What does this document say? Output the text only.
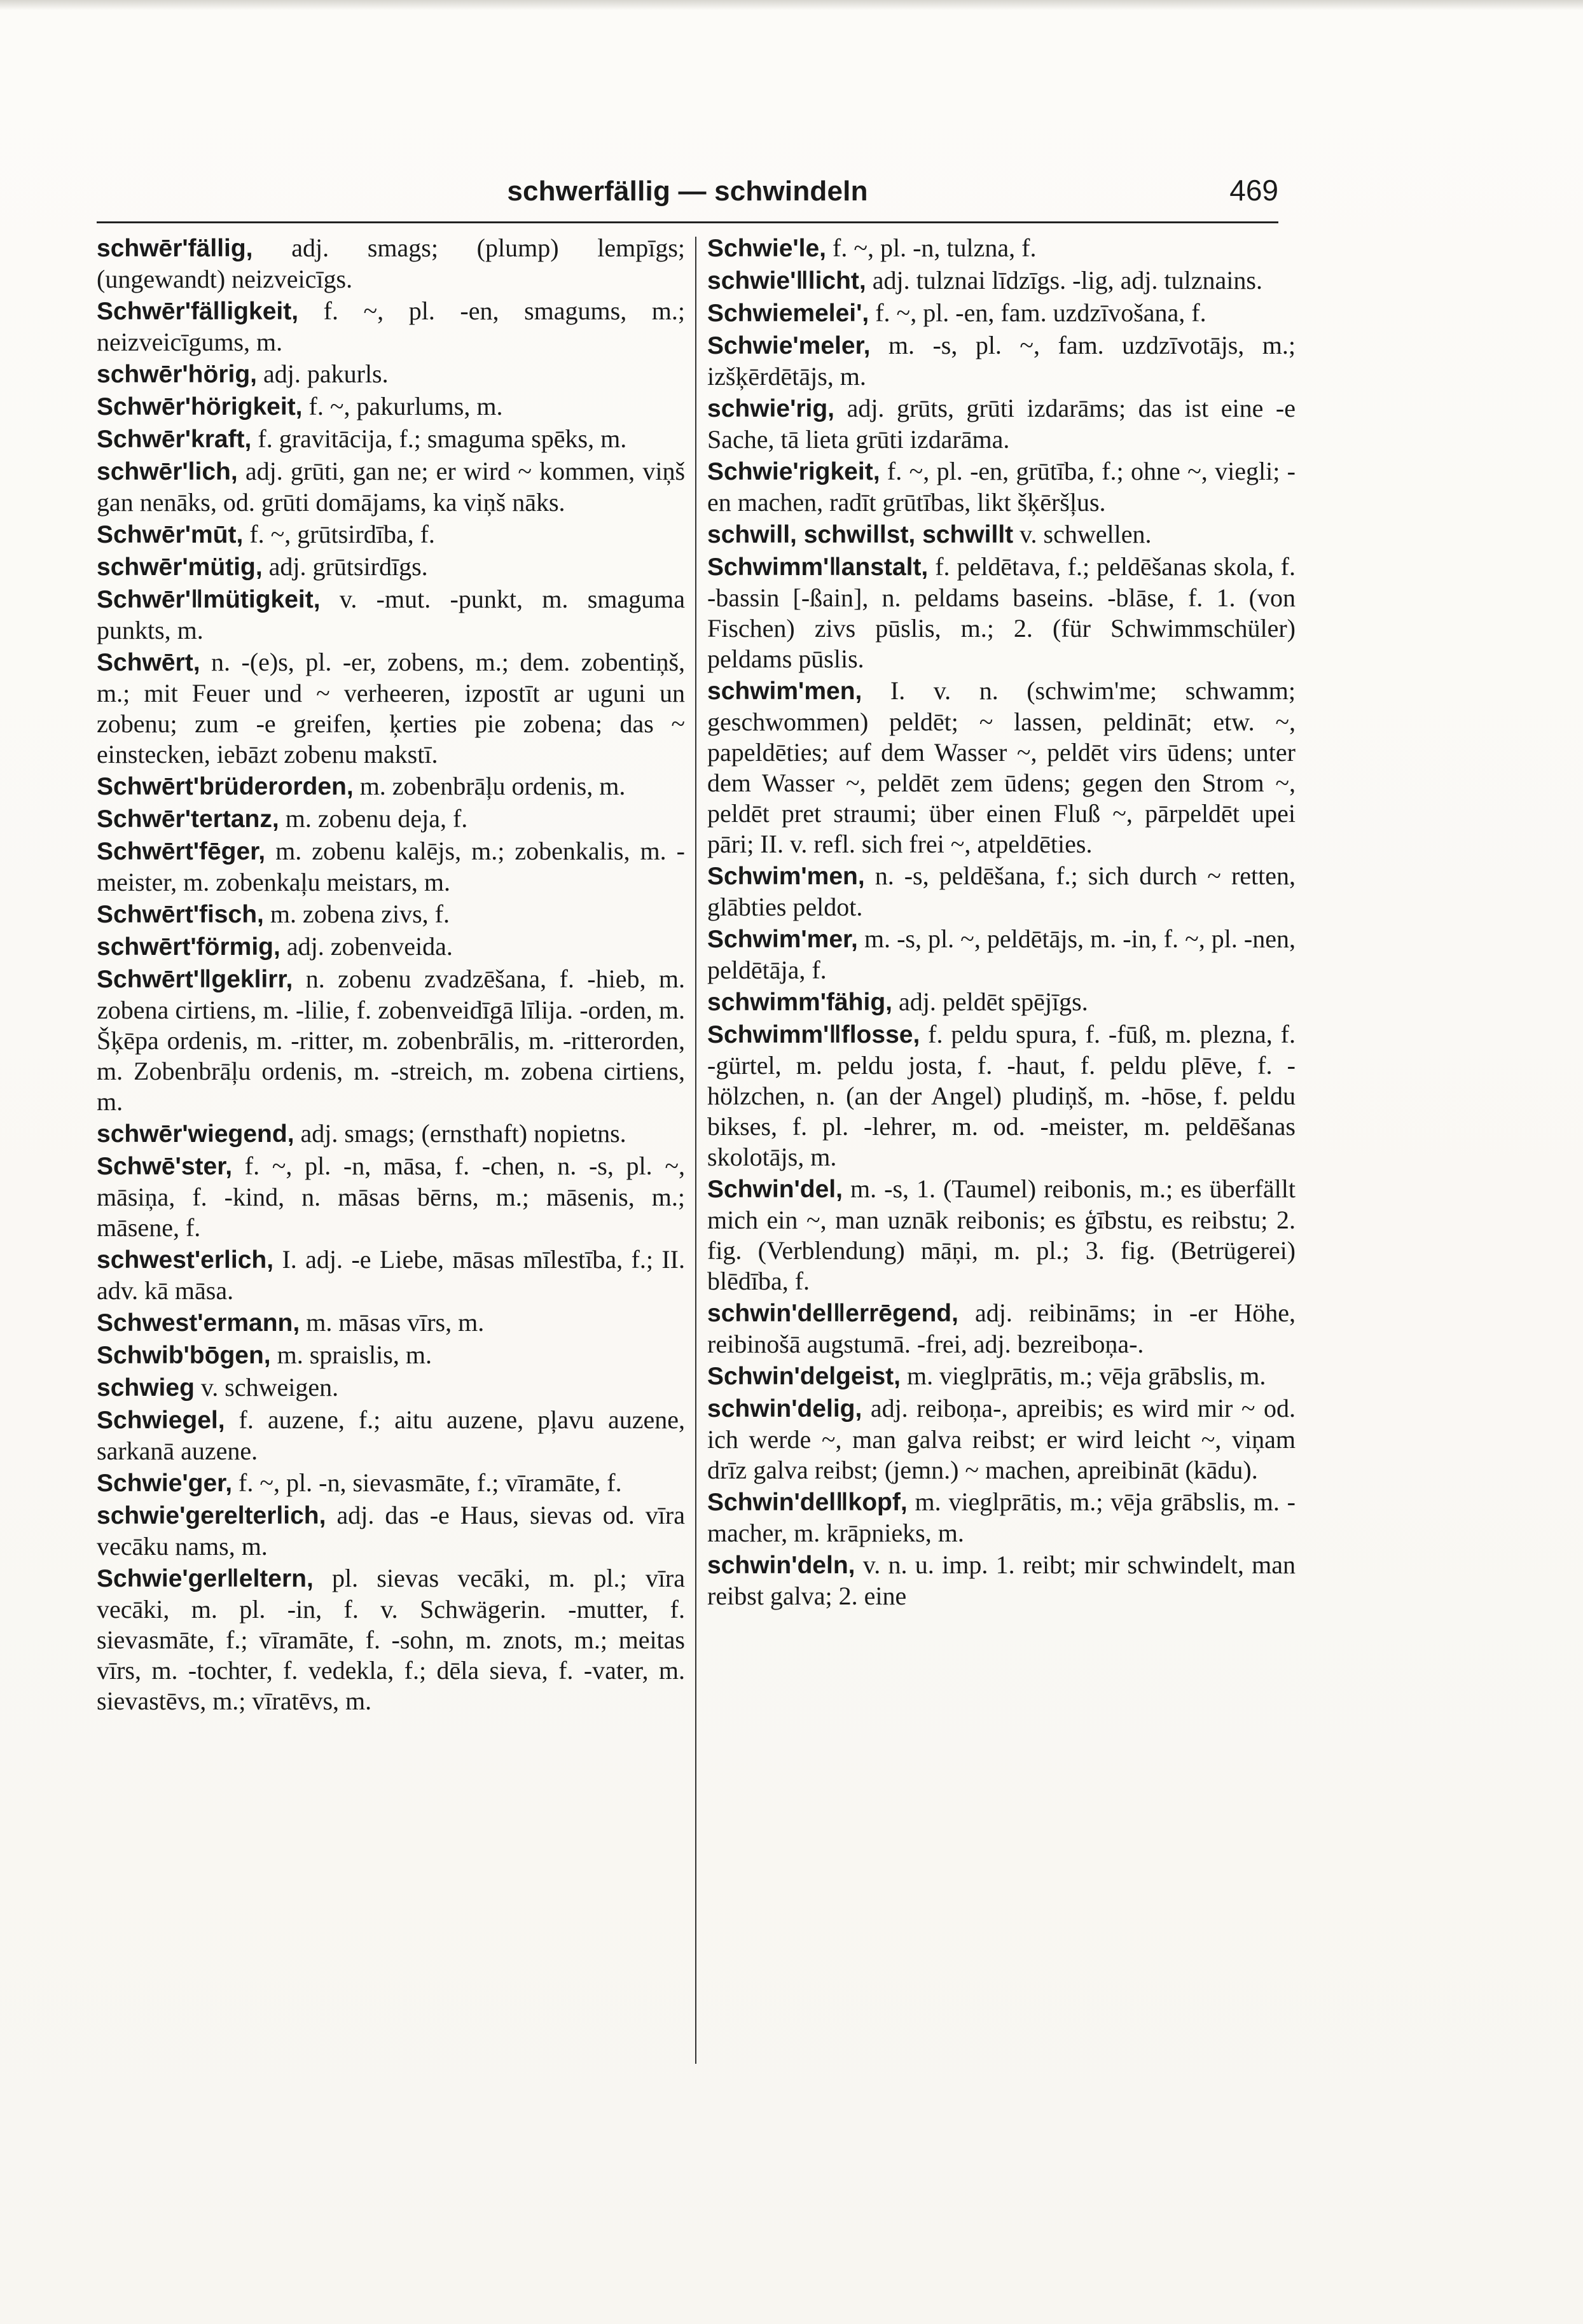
schwerfällig — schwindeln	469
schwēr'fällig, adj. smags; (plump) lempīgs; (ungewandt) neizveicīgs.
Schwēr'fälligkeit, f. ~, pl. -en, smagums, m.; neizveicīgums, m.
schwēr'hörig, adj. pakurls.
Schwēr'hörigkeit, f. ~, pakurlums, m.
Schwēr'kraft, f. gravitācija, f.; smaguma spēks, m.
schwēr'lich, adj. grūti, gan ne; er wird ~ kommen, viņš gan nenāks, od. grūti domājams, ka viņš nāks.
Schwēr'mūt, f. ~, grūtsirdība, f.
schwēr'mütig, adj. grūtsirdīgs.
Schwēr'‖mütigkeit, v. -mut. -punkt, m. smaguma punkts, m.
Schwērt, n. -(e)s, pl. -er, zobens, m.; dem. zobentiņš, m.; mit Feuer und ~ verheeren, izpostīt ar uguni un zobenu; zum -e greifen, ķerties pie zobena; das ~ einstecken, iebāzt zobenu makstī.
Schwērt'brüderorden, m. zobenbrāļu ordenis, m.
Schwēr'tertanz, m. zobenu deja, f.
Schwērt'fēger, m. zobenu kalējs, m.; zobenkalis, m. -meister, m. zobenkaļu meistars, m.
Schwērt'fisch, m. zobena zivs, f.
schwērt'förmig, adj. zobenveida.
Schwērt'‖geklirr, n. zobenu zvadzēšana, f. -hieb, m. zobena cirtiens, m. -lilie, f. zobenveidīgā līlija. -orden, m. Šķēpa ordenis, m. -ritter, m. zobenbrālis, m. -ritterorden, m. Zobenbrāļu ordenis, m. -streich, m. zobena cirtiens, m.
schwēr'wiegend, adj. smags; (ernsthaft) nopietns.
Schwē'ster, f. ~, pl. -n, māsa, f. -chen, n. -s, pl. ~, māsiņa, f. -kind, n. māsas bērns, m.; māsenis, m.; māsene, f.
schwest'erlich, I. adj. -e Liebe, māsas mīlestība, f.; II. adv. kā māsa.
Schwest'ermann, m. māsas vīrs, m.
Schwib'bōgen, m. spraislis, m.
schwieg v. schweigen.
Schwiegel, f. auzene, f.; aitu auzene, pļavu auzene, sarkanā auzene.
Schwie'ger, f. ~, pl. -n, sievasmāte, f.; vīramāte, f.
schwie'gerelterlich, adj. das -e Haus, sievas od. vīra vecāku nams, m.
Schwie'ger‖eltern, pl. sievas vecāki, m. pl.; vīra vecāki, m. pl. -in, f. v. Schwägerin. -mutter, f. sievasmāte, f.; vīramāte, f. -sohn, m. znots, m.; meitas vīrs, m. -tochter, f. vedekla, f.; dēla sieva, f. -vater, m. sievastēvs, m.; vīratēvs, m.
Schwie'le, f. ~, pl. -n, tulzna, f.
schwie'‖licht, adj. tulznai līdzīgs. -lig, adj. tulznains.
Schwiemelei', f. ~, pl. -en, fam. uzdzīvošana, f.
Schwie'meler, m. -s, pl. ~, fam. uzdzīvotājs, m.; izšķērdētājs, m.
schwie'rig, adj. grūts, grūti izdarāms; das ist eine -e Sache, tā lieta grūti izdarāma.
Schwie'rigkeit, f. ~, pl. -en, grūtība, f.; ohne ~, viegli; -en machen, radīt grūtības, likt šķēršļus.
schwill, schwillst, schwillt v. schwellen.
Schwimm'‖anstalt, f. peldētava, f.; peldēšanas skola, f. -bassin [-ßain], n. peldams baseins. -blāse, f. 1. (von Fischen) zivs pūslis, m.; 2. (für Schwimmschüler) peldams pūslis.
schwim'men, I. v. n. (schwim'me; schwamm; geschwommen) peldēt; ~ lassen, peldināt; etw. ~, papeldēties; auf dem Wasser ~, peldēt virs ūdens; unter dem Wasser ~, peldēt zem ūdens; gegen den Strom ~, peldēt pret straumi; über einen Fluß ~, pārpeldēt upei pāri; II. v. refl. sich frei ~, atpeldēties.
Schwim'men, n. -s, peldēšana, f.; sich durch ~ retten, glābties peldot.
Schwim'mer, m. -s, pl. ~, peldētājs, m. -in, f. ~, pl. -nen, peldētāja, f.
schwimm'fähig, adj. peldēt spējīgs.
Schwimm'‖flosse, f. peldu spura, f. -fūß, m. plezna, f. -gürtel, m. peldu josta, f. -haut, f. peldu plēve, f. -hölzchen, n. (an der Angel) pludiņš, m. -hōse, f. peldu bikses, f. pl. -lehrer, m. od. -meister, m. peldēšanas skolotājs, m.
Schwin'del, m. -s, 1. (Taumel) reibonis, m.; es überfällt mich ein ~, man uznāk reibonis; es ģībstu, es reibstu; 2. fig. (Verblendung) māņi, m. pl.; 3. fig. (Betrügerei) blēdība, f.
schwin'del‖errēgend, adj. reibināms; in -er Höhe, reibinošā augstumā. -frei, adj. bezreiboņa-.
Schwin'delgeist, m. vieglprātis, m.; vēja grābslis, m.
schwin'delig, adj. reiboņa-, apreibis; es wird mir ~ od. ich werde ~, man galva reibst; er wird leicht ~, viņam drīz galva reibst; (jemn.) ~ machen, apreibināt (kādu).
Schwin'del‖kopf, m. vieglprātis, m.; vēja grābslis, m. -macher, m. krāpnieks, m.
schwin'deln, v. n. u. imp. 1. reibt; mir schwindelt, man reibst galva; 2. eine
